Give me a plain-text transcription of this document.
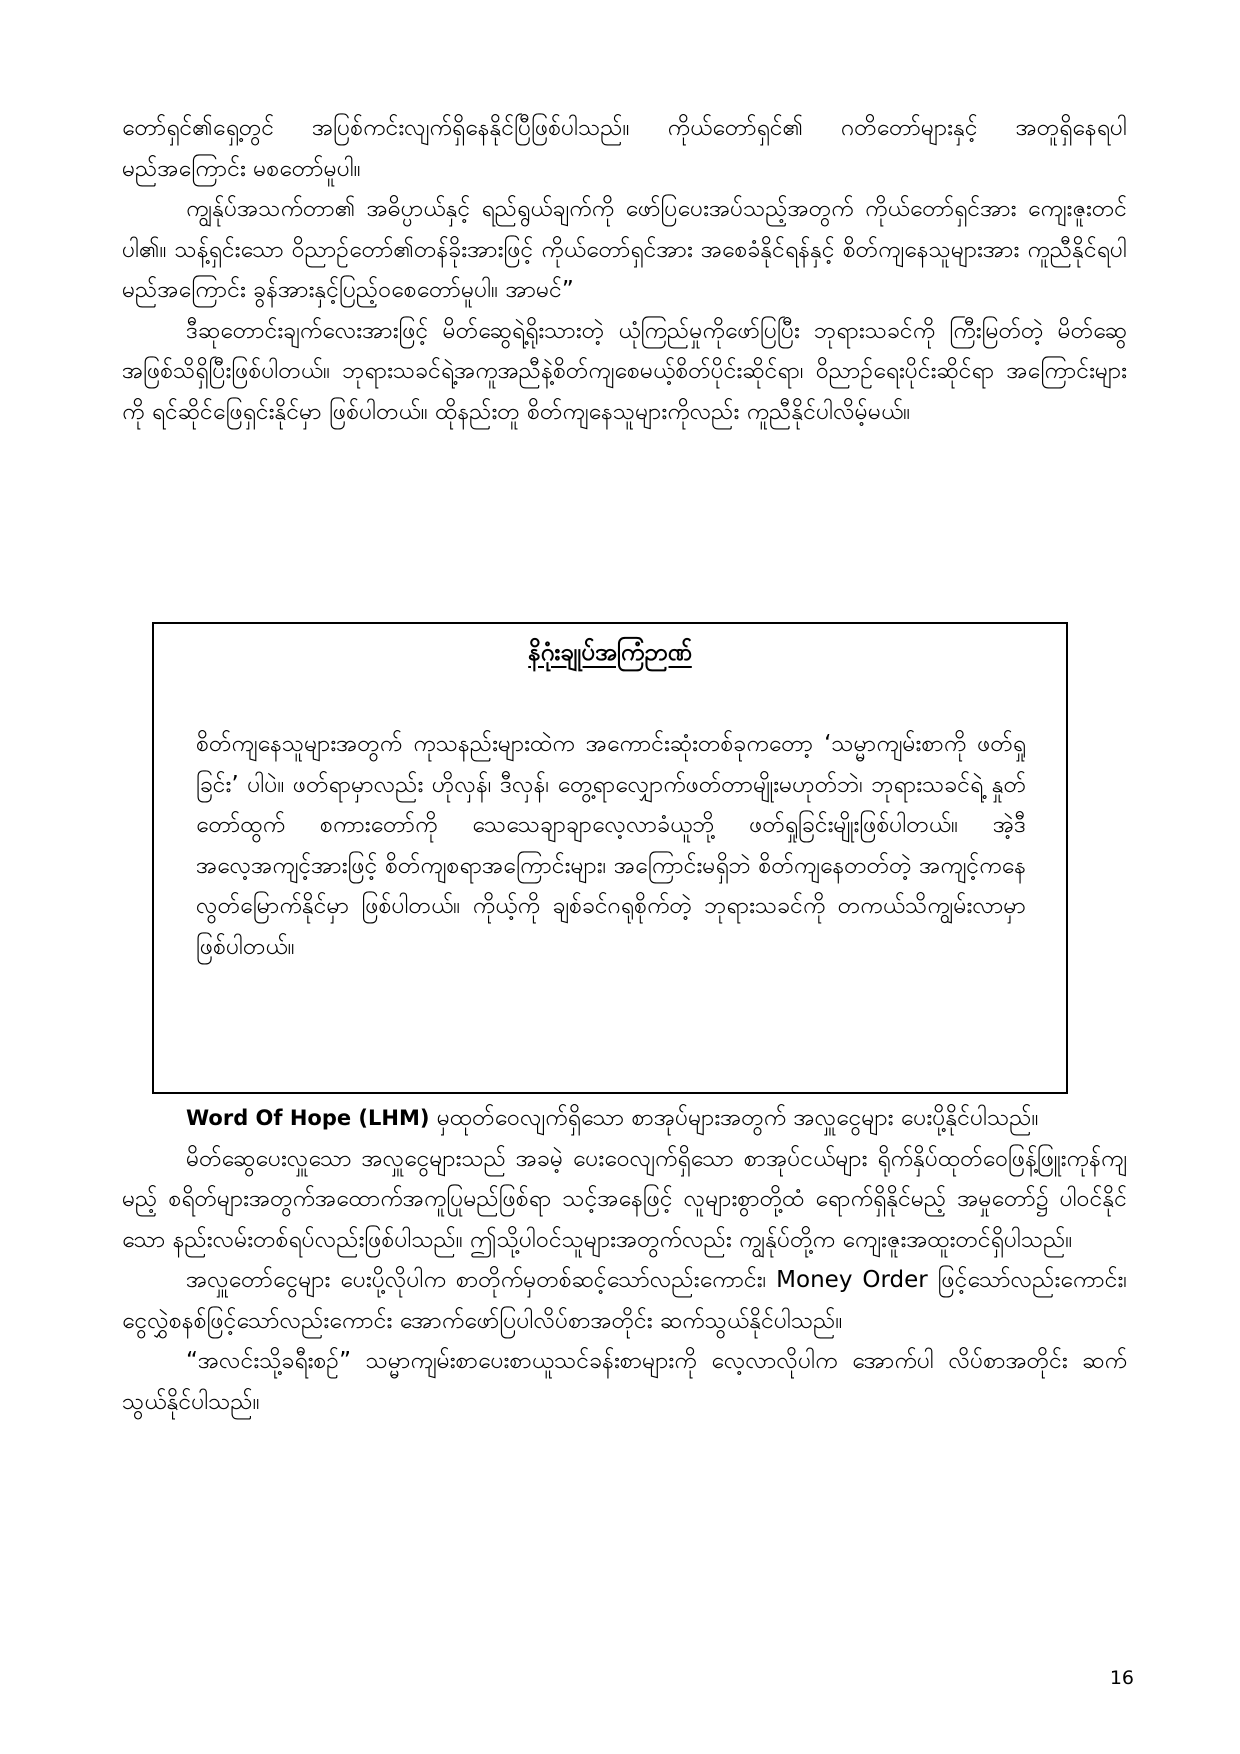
တော်ရှင်၏ရှေ့တွင် အပြစ်ကင်းလျက်ရှိနေနိုင်ပြီဖြစ်ပါသည်။ ကိုယ်တော်ရှင်၏ ဂတိတော်များနှင့် အတူရှိနေရပါမည်အကြောင်း မစတော်မူပါ။

ကျွန်ုပ်အသက်တာ၏ အဓိပ္ပာယ်နှင့် ရည်ရွယ်ချက်ကို ဖော်ပြပေးအပ်သည့်အတွက် ကိုယ်တော်ရှင်အား ကျေးဇူးတင်ပါ၏။ သန့်ရှင်းသော ဝိညာဉ်တော်၏တန်ခိုးအားဖြင့် ကိုယ်တော်ရှင်အား အစေခံနိုင်ရန်နှင့် စိတ်ကျနေသူများအား ကူညီနိုင်ရပါမည်အကြောင်း ခွန်အားနှင့်ပြည့်ဝစေတော်မူပါ။ အာမင်”

ဒီဆုတောင်းချက်လေးအားဖြင့် မိတ်ဆွေရဲ့ရိုးသားတဲ့ ယုံကြည်မှုကိုဖော်ပြပြီး ဘုရားသခင်ကို ကြီးမြတ်တဲ့ မိတ်ဆွေအဖြစ်သိရှိပြီးဖြစ်ပါတယ်။ ဘုရားသခင်ရဲ့အကူအညီနဲ့စိတ်ကျစေမယ့်စိတ်ပိုင်းဆိုင်ရာ၊ ဝိညာဉ်ရေးပိုင်းဆိုင်ရာ အကြောင်းများကို ရင်ဆိုင်ဖြေရှင်းနိုင်မှာ ဖြစ်ပါတယ်။ ထိုနည်းတူ စိတ်ကျနေသူများကိုလည်း ကူညီနိုင်ပါလိမ့်မယ်။

နိဂုံးချုပ်အကြံဉာဏ်

စိတ်ကျနေသူများအတွက် ကုသနည်းများထဲက အကောင်းဆုံးတစ်ခုကတော့ ‘သမ္မာကျမ်းစာကို ဖတ်ရှုခြင်း’ ပါပဲ။ ဖတ်ရာမှာလည်း ဟိုလှန်၊ ဒီလှန်၊ တွေ့ရာလျှောက်ဖတ်တာမျိုးမဟုတ်ဘဲ၊ ဘုရားသခင်ရဲ့ နှုတ်တော်ထွက် စကားတော်ကို သေသေချာချာလေ့လာခံယူဘို့ ဖတ်ရှုခြင်းမျိုးဖြစ်ပါတယ်။ အဲ့ဒီအလေ့အကျင့်အားဖြင့် စိတ်ကျစရာအကြောင်းများ၊ အကြောင်းမရှိဘဲ စိတ်ကျနေတတ်တဲ့ အကျင့်ကနေ လွတ်မြောက်နိုင်မှာ ဖြစ်ပါတယ်။ ကိုယ့်ကို ချစ်ခင်ဂရုစိုက်တဲ့ ဘုရားသခင်ကို တကယ်သိကျွမ်းလာမှာ ဖြစ်ပါတယ်။

Word Of Hope (LHM) မှထုတ်ဝေလျက်ရှိသော စာအုပ်များအတွက် အလှူငွေများ ပေးပို့နိုင်ပါသည်။

မိတ်ဆွေပေးလှူသော အလှူငွေများသည် အခမဲ့ ပေးဝေလျက်ရှိသော စာအုပ်ငယ်များ ရိုက်နှိပ်ထုတ်ဝေဖြန့်ဖြူးကုန်ကျမည့် စရိတ်များအတွက်အထောက်အကူပြုမည်ဖြစ်ရာ သင့်အနေဖြင့် လူများစွာတို့ထံ ရောက်ရှိနိုင်မည့် အမှုတော်၌ ပါဝင်နိုင်သော နည်းလမ်းတစ်ရပ်လည်းဖြစ်ပါသည်။ ဤသို့ပါဝင်သူများအတွက်လည်း ကျွန်ုပ်တို့က ကျေးဇူးအထူးတင်ရှိပါသည်။

အလှူတော်ငွေများ ပေးပို့လိုပါက စာတိုက်မှတစ်ဆင့်သော်လည်းကောင်း၊ Money Order ဖြင့်သော်လည်းကောင်း၊ ငွေလွှဲစနစ်ဖြင့်သော်လည်းကောင်း အောက်ဖော်ပြပါလိပ်စာအတိုင်း ဆက်သွယ်နိုင်ပါသည်။

“အလင်းသို့ခရီးစဉ်” သမ္မာကျမ်းစာပေးစာယူသင်ခန်းစာများကို လေ့လာလိုပါက အောက်ပါ လိပ်စာအတိုင်း ဆက်သွယ်နိုင်ပါသည်။

16
